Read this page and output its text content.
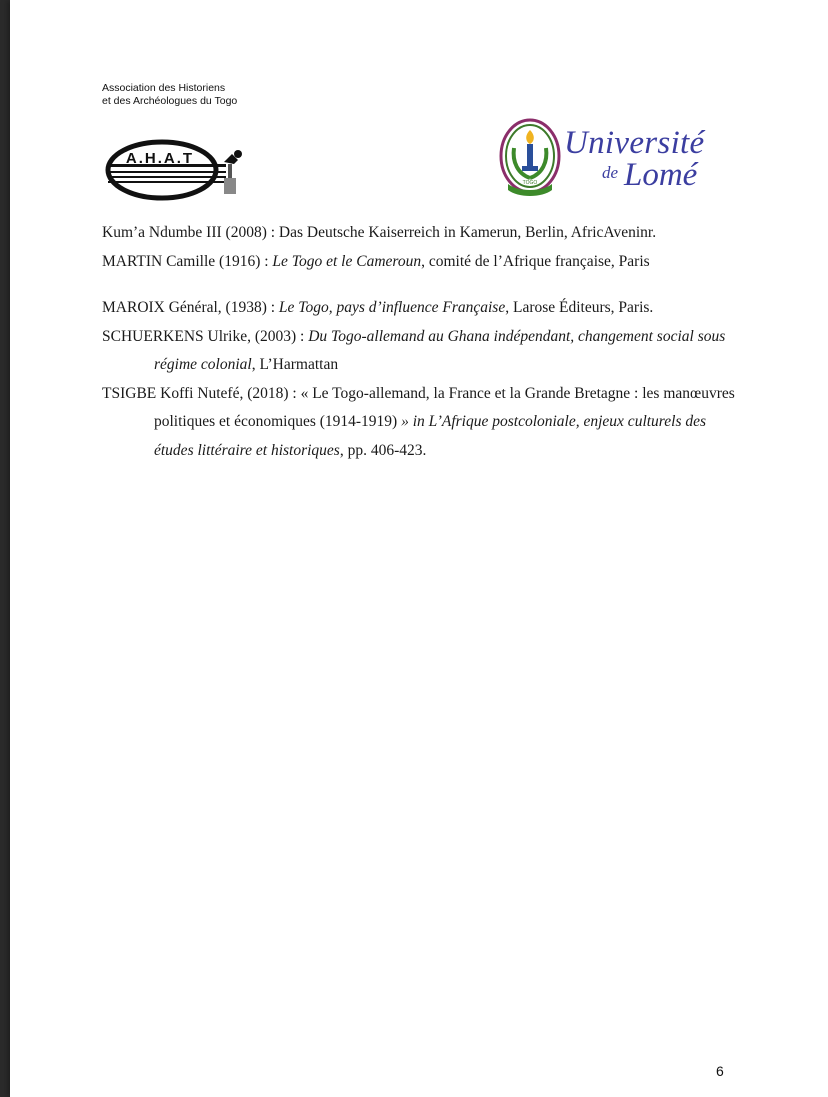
Association des Historiens
et des Archéologues du Togo
A.H.A.T
TOGO
Université
de Lomé

Kum’a Ndumbe III (2008) : Das Deutsche Kaiserreich in Kamerun, Berlin, AfricAveninr.

MARTIN Camille (1916) : Le Togo et le Cameroun, comité de l’Afrique française, Paris

MAROIX Général, (1938) : Le Togo, pays d’influence Française, Larose Éditeurs, Paris.

SCHUERKENS Ulrike, (2003) : Du Togo-allemand au Ghana indépendant, changement social sous régime colonial, L’Harmattan

TSIGBE Koffi Nutefé, (2018) : « Le Togo-allemand, la France et la Grande Bretagne : les manœuvres politiques et économiques (1914-1919) » in L’Afrique postcoloniale, enjeux culturels des études littéraire et historiques, pp. 406-423.

6
